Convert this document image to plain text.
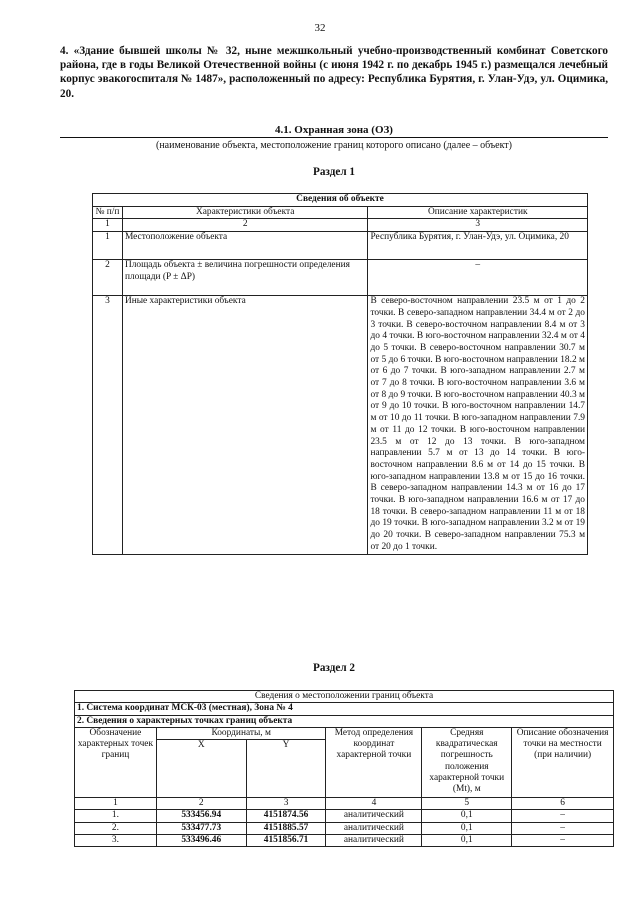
32
4. «Здание бывшей школы № 32, ныне межшкольный учебно-производственный комбинат Советского района, где в годы Великой Отечественной войны (с июня 1942 г. по декабрь 1945 г.) размещался лечебный корпус эвакогоспиталя № 1487», расположенный по адресу: Республика Бурятия, г. Улан-Удэ, ул. Оцимика, 20.
4.1. Охранная зона (ОЗ)
(наименование объекта, местоположение границ которого описано (далее – объект)
Раздел 1
Сведения об объекте		
№ п/п	Характеристики объекта	Описание характеристик
1	2	3
1	Местоположение объекта	Республика Бурятия, г. Улан-Удэ, ул. Оцимика, 20
2	Площадь объекта ± величина погрешности определения площади (P ± ΔP)	–
3	Иные характеристики объекта	В северо-восточном направлении 23.5 м от 1 до 2 точки. В северо-западном направлении 34.4 м от 2 до 3 точки. В северо-восточном направлении 8.4 м от 3 до 4 точки. В юго-восточном направлении 32.4 м от 4 до 5 точки. В северо-восточном направлении 30.7 м от 5 до 6 точки. В юго-восточном направлении 18.2 м от 6 до 7 точки. В юго-западном направлении 2.7 м от 7 до 8 точки. В юго-восточном направлении 3.6 м от 8 до 9 точки. В юго-восточном направлении 40.3 м от 9 до 10 точки. В юго-восточном направлении 14.7 м от 10 до 11 точки. В юго-западном направлении 7.9 м от 11 до 12 точки. В юго-восточном направлении 23.5 м от 12 до 13 точки. В юго-западном направлении 5.7 м от 13 до 14 точки. В юго-восточном направлении 8.6 м от 14 до 15 точки. В юго-западном направлении 13.8 м от 15 до 16 точки. В северо-западном направлении 14.3 м от 16 до 17 точки. В юго-западном направлении 16.6 м от 17 до 18 точки. В северо-западном направлении 11 м от 18 до 19 точки. В юго-западном направлении 3.2 м от 19 до 20 точки. В северо-западном направлении 75.3 м от 20 до 1 точки.
Раздел 2
Сведения о местоположении границ объекта					
1. Система координат МСК-03 (местная), Зона № 4					
2. Сведения о характерных точках границ объекта					
Обозначение характерных точек границ	Координаты, м		Метод определения координат характерной точки	Средняя квадратическая погрешность положения характерной точки (Mt), м	Описание обозначения точки на местности (при наличии)
	X	Y			
1	2	3	4	5	6
1.	533456.94	4151874.56	аналитический	0,1	–
2.	533477.73	4151885.57	аналитический	0,1	–
3.	533496.46	4151856.71	аналитический	0,1	–
